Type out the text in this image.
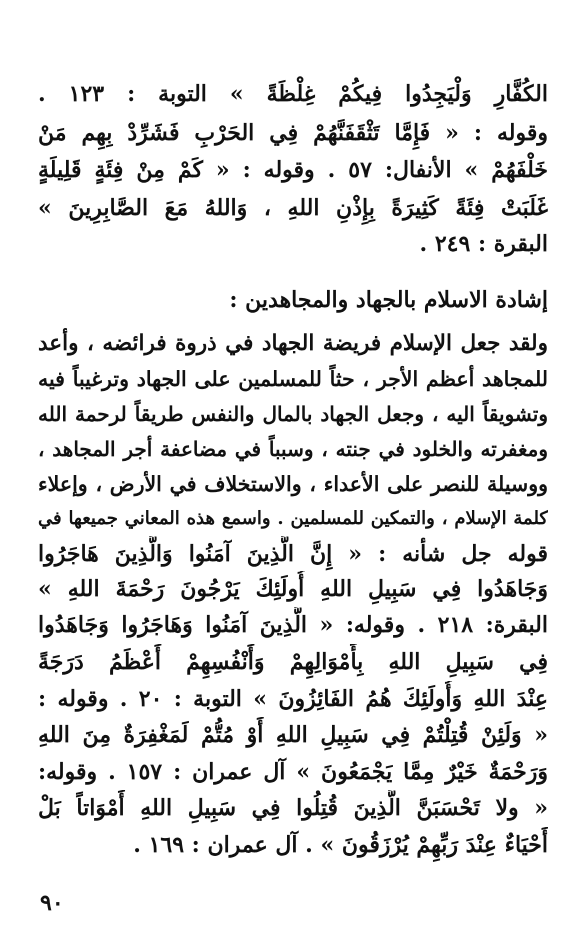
الكُفَّارِ وَلْيَجِدُوا فِيكُمْ غِلْظَةً » التوبة : ١٢٣ .
وقوله : « فَإِمَّا تَثْقَفَنَّهُمْ فِي الحَرْبِ فَشَرِّدْ بِهِم مَنْ
خَلْفَهُمْ » الأنفال: ٥٧ . وقوله : « كَمْ مِنْ فِئَةٍ قَلِيلَةٍ
غَلَبَتْ فِئَةً كَثِيرَةً بِإِذْنِ اللهِ ، وَاللهُ مَعَ الصَّابِرِينَ »
البقرة : ٢٤٩ .
إشادة الاسلام بالجهاد والمجاهدين :
ولقد جعل الإسلام فريضة الجهاد في ذروة فرائضه ، وأعد
للمجاهد أعظم الأجر ، حثاً للمسلمين على الجهاد وترغيباً فيه
وتشويقاً اليه ، وجعل الجهاد بالمال والنفس طريقاً لرحمة الله
ومغفرته والخلود في جنته ، وسبباً في مضاعفة أجر المجاهد ،
ووسيلة للنصر على الأعداء ، والاستخلاف في الأرض ، وإعلاء
كلمة الإسلام ، والتمكين للمسلمين . واسمع هذه المعاني جميعها في
قوله جل شأنه : « إِنَّ الَّذِينَ آمَنُوا وَالَّذِينَ هَاجَرُوا
وَجَاهَدُوا فِي سَبِيلِ اللهِ أُولَئِكَ يَرْجُونَ رَحْمَةَ اللهِ »
البقرة: ٢١٨ . وقوله: « الَّذِينَ آمَنُوا وَهَاجَرُوا وَجَاهَدُوا
فِي سَبِيلِ اللهِ بِأَمْوَالِهِمْ وَأَنْفُسِهِمْ أَعْظَمُ دَرَجَةً
عِنْدَ اللهِ وَأُولَئِكَ هُمُ الفَائِزُونَ » التوبة : ٢٠ . وقوله :
« وَلَئِنْ قُتِلْتُمْ فِي سَبِيلِ اللهِ أَوْ مُتُّمْ لَمَغْفِرَةٌ مِنَ اللهِ
وَرَحْمَةٌ خَيْرٌ مِمَّا يَجْمَعُونَ » آل عمران : ١٥٧ . وقوله:
« ولا تَحْسَبَنَّ الَّذِينَ قُتِلُوا فِي سَبِيلِ اللهِ أَمْوَاتاً بَلْ
أَحْيَاءٌ عِنْدَ رَبِّهِمْ يُرْزَقُونَ » . آل عمران : ١٦٩ .
٩٠
